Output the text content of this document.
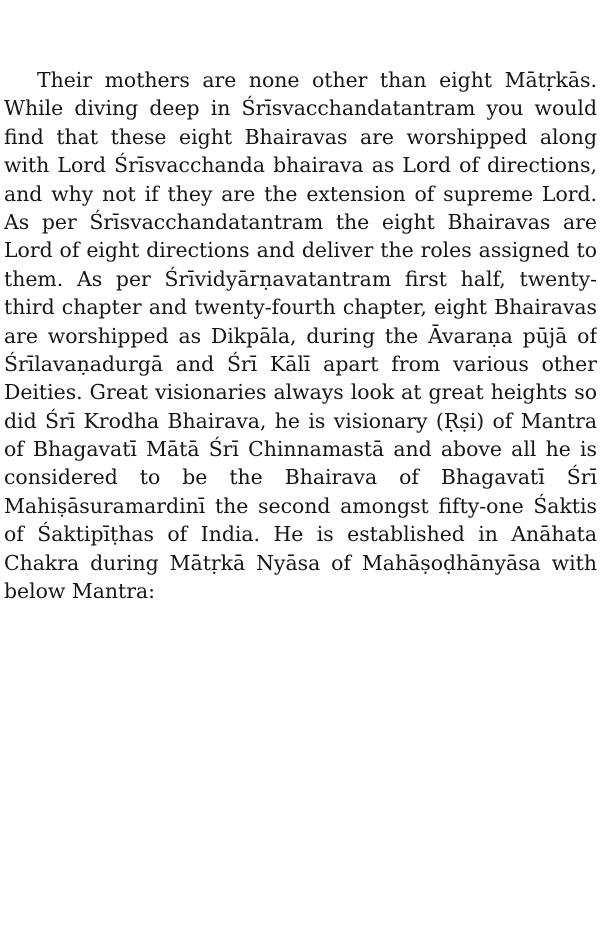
Their mothers are none other than eight Mātṛkās.
While diving deep in Śrīsvacchandatantram you would
find that these eight Bhairavas are worshipped along
with Lord Śrīsvacchanda bhairava as Lord of directions,
and why not if they are the extension of supreme Lord.
As per Śrīsvacchandatantram the eight Bhairavas are
Lord of eight directions and deliver the roles assigned to
them. As per Śrīvidyārṇavatantram first half, twenty-
third chapter and twenty-fourth chapter, eight Bhairavas
are worshipped as Dikpāla, during the Āvaraṇa pūjā of
Śrīlavaṇadurgā and Śrī Kālī apart from various other
Deities. Great visionaries always look at great heights so
did Śrī Krodha Bhairava, he is visionary (Ṛṣi) of Mantra
of Bhagavatī Mātā Śrī Chinnamastā and above all he is
considered to be the Bhairava of Bhagavatī Śrī
Mahiṣāsuramardinī the second amongst fifty-one Śaktis
of Śaktipīṭhas of India. He is established in Anāhata
Chakra during Mātṛkā Nyāsa of Mahāṣoḍhānyāsa with
below Mantra:
